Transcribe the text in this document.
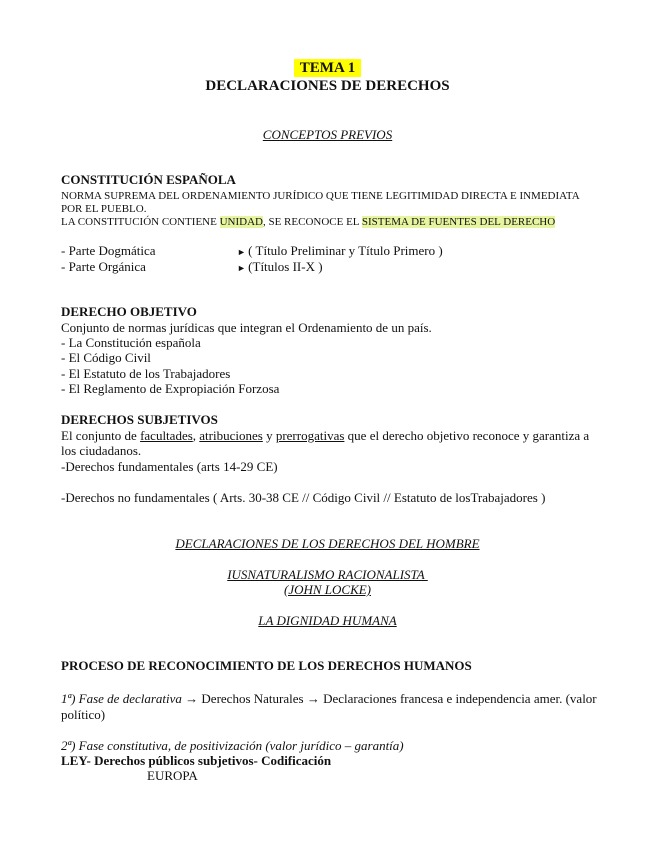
TEMA 1
DECLARACIONES DE DERECHOS
CONCEPTOS PREVIOS
CONSTITUCIÓN ESPAÑOLA
NORMA SUPREMA DEL ORDENAMIENTO JURÍDICO QUE TIENE LEGITIMIDAD DIRECTA E INMEDIATA
POR EL PUEBLO.
LA CONSTITUCIÓN CONTIENE UNIDAD, SE RECONOCE EL SISTEMA DE FUENTES DEL DERECHO
- Parte Dogmática	► ( Título Preliminar y Título Primero )
- Parte Orgánica	► (Títulos II-X )
DERECHO OBJETIVO
Conjunto de normas jurídicas que integran el Ordenamiento de un país.
- La Constitución española
- El Código Civil
- El Estatuto de los Trabajadores
- El Reglamento de Expropiación Forzosa
DERECHOS SUBJETIVOS
El conjunto de facultades, atribuciones y prerrogativas que el derecho objetivo reconoce y garantiza a
los ciudadanos.
-Derechos fundamentales (arts 14-29 CE)
-Derechos no fundamentales ( Arts. 30-38 CE // Código Civil // Estatuto de losTrabajadores )
DECLARACIONES DE LOS DERECHOS DEL HOMBRE
IUSNATURALISMO RACIONALISTA
(JOHN LOCKE)
LA DIGNIDAD HUMANA
PROCESO DE RECONOCIMIENTO DE LOS DERECHOS HUMANOS
1ª) Fase de declarativa → Derechos Naturales → Declaraciones francesa e independencia amer. (valor
político)
2ª) Fase constitutiva, de positivización (valor jurídico – garantía)
LEY- Derechos públicos subjetivos- Codificación
EUROPA
